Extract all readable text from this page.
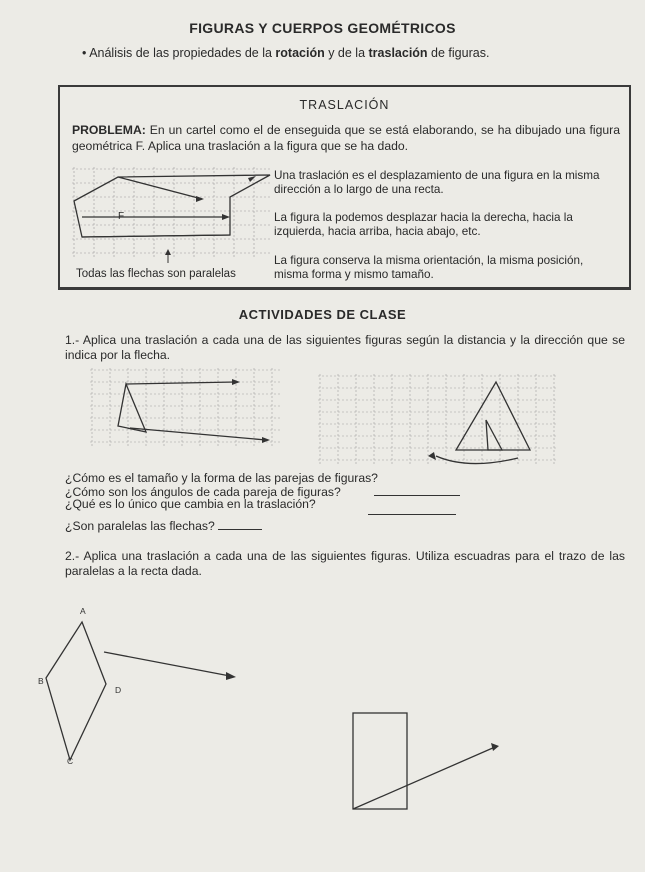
FIGURAS Y CUERPOS GEOMÉTRICOS
• Análisis de las propiedades de la rotación y de la traslación de figuras.
TRASLACIÓN
PROBLEMA: En un cartel como el de enseguida que se está elaborando, se ha dibujado una figura geométrica F. Aplica una traslación a la figura que se ha dado.
F
Todas las flechas son paralelas
Una traslación es el desplazamiento de una figura en la misma dirección a lo largo de una recta.
La figura la podemos desplazar hacia la derecha, hacia la izquierda, hacia arriba, hacia abajo, etc.
La figura conserva la misma orientación, la misma posición, misma forma y mismo tamaño.
ACTIVIDADES DE CLASE
1.- Aplica una traslación a cada una de las siguientes figuras según la distancia y la dirección que se indica por la flecha.
¿Cómo es el tamaño y la forma de las parejas de figuras?
¿Cómo son los ángulos de cada pareja de figuras?
¿Qué es lo único que cambia en la traslación?
¿Son paralelas las flechas?
2.- Aplica una traslación a cada una de las siguientes figuras. Utiliza escuadras para el trazo de las paralelas a la recta dada.
A
B
D
C
